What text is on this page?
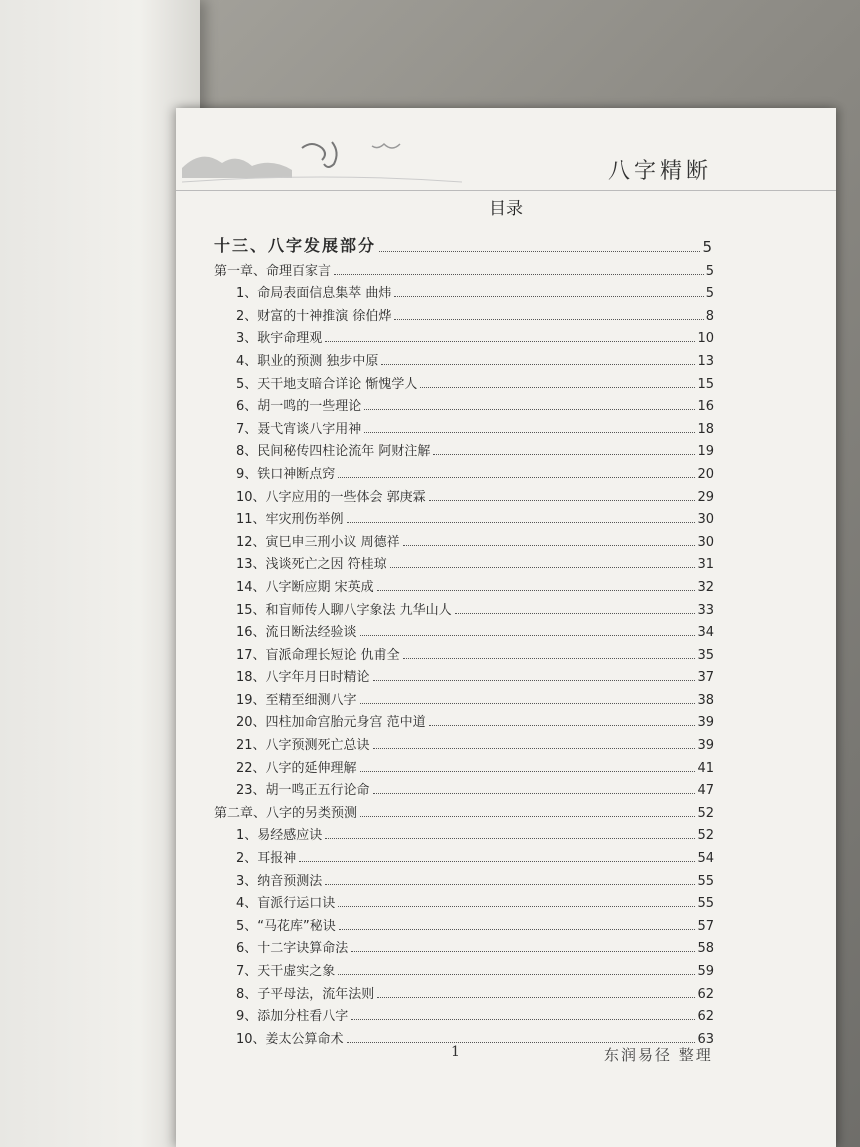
八字精断
目录
十三、八字发展部分	5
第一章、命理百家言	5
1、命局表面信息集萃 曲炜	5
2、财富的十神推演 徐伯烨	8
3、耿宇命理观	10
4、职业的预测 独步中原	13
5、天干地支暗合详论 惭愧学人	15
6、胡一鸣的一些理论	16
7、聂弋宵谈八字用神	18
8、民间秘传四柱论流年 阿财注解	19
9、铁口神断点窍	20
10、八字应用的一些体会 郭庚霖	29
11、牢灾刑伤举例	30
12、寅巳申三刑小议 周德祥	30
13、浅谈死亡之因 符桂琼	31
14、八字断应期 宋英成	32
15、和盲师传人聊八字象法 九华山人	33
16、流日断法经验谈	34
17、盲派命理长短论 仇甫全	35
18、八字年月日时精论	37
19、至精至细测八字	38
20、四柱加命宫胎元身宫 范中道	39
21、八字预测死亡总诀	39
22、八字的延伸理解	41
23、胡一鸣正五行论命	47
第二章、八字的另类预测	52
1、易经感应诀	52
2、耳报神	54
3、纳音预测法	55
4、盲派行运口诀	55
5、“马花库”秘诀	57
6、十二字诀算命法	58
7、天干虚实之象	59
8、子平母法，流年法则	62
9、添加分柱看八字	62
10、姜太公算命术	63
1	东润易径 整理
